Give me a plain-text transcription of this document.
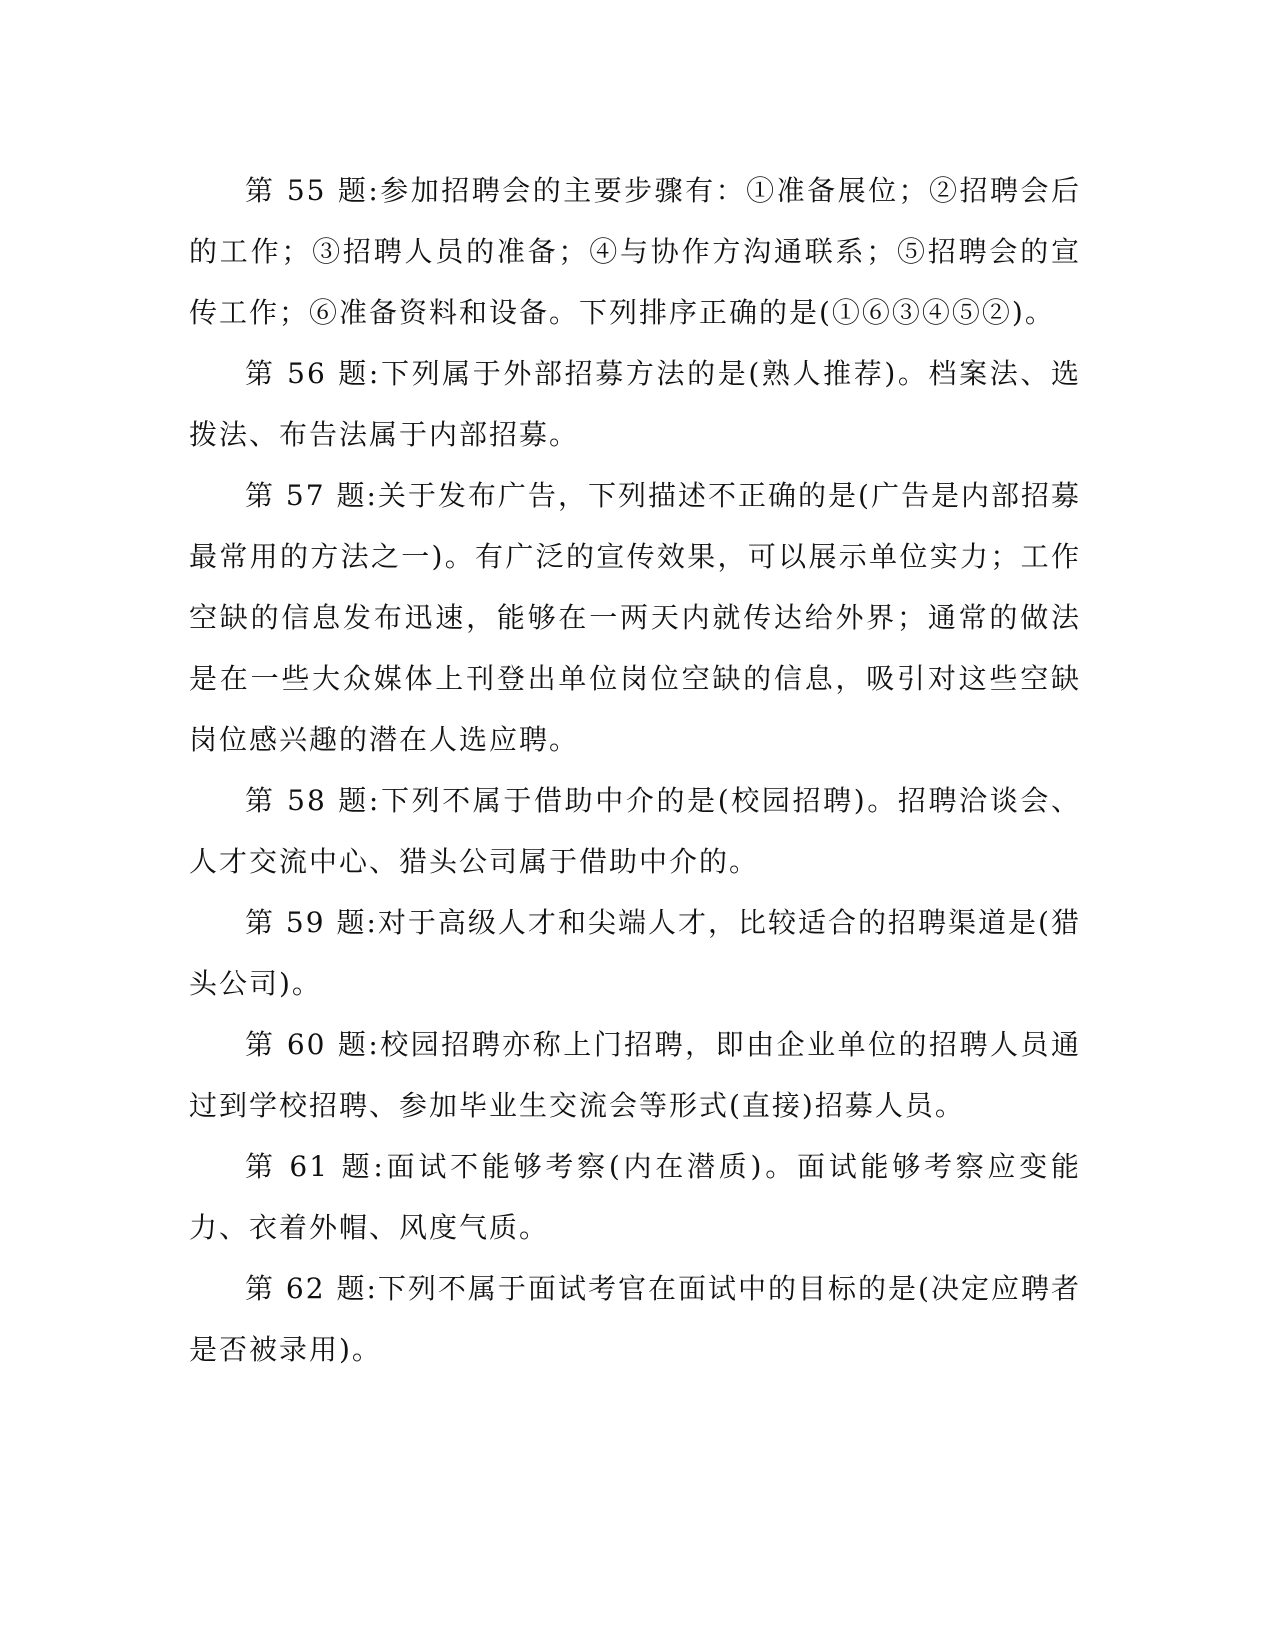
第 55 题:参加招聘会的主要步骤有：①准备展位；②招聘会后的工作；③招聘人员的准备；④与协作方沟通联系；⑤招聘会的宣传工作；⑥准备资料和设备。下列排序正确的是(①⑥③④⑤②)。

第 56 题:下列属于外部招募方法的是(熟人推荐)。档案法、选拨法、布告法属于内部招募。

第 57 题:关于发布广告，下列描述不正确的是(广告是内部招募最常用的方法之一)。有广泛的宣传效果，可以展示单位实力；工作空缺的信息发布迅速，能够在一两天内就传达给外界；通常的做法是在一些大众媒体上刊登出单位岗位空缺的信息，吸引对这些空缺岗位感兴趣的潜在人选应聘。

第 58 题:下列不属于借助中介的是(校园招聘)。招聘洽谈会、人才交流中心、猎头公司属于借助中介的。

第 59 题:对于高级人才和尖端人才，比较适合的招聘渠道是(猎头公司)。

第 60 题:校园招聘亦称上门招聘，即由企业单位的招聘人员通过到学校招聘、参加毕业生交流会等形式(直接)招募人员。

第 61 题:面试不能够考察(内在潜质)。面试能够考察应变能力、衣着外帽、风度气质。

第 62 题:下列不属于面试考官在面试中的目标的是(决定应聘者是否被录用)。
